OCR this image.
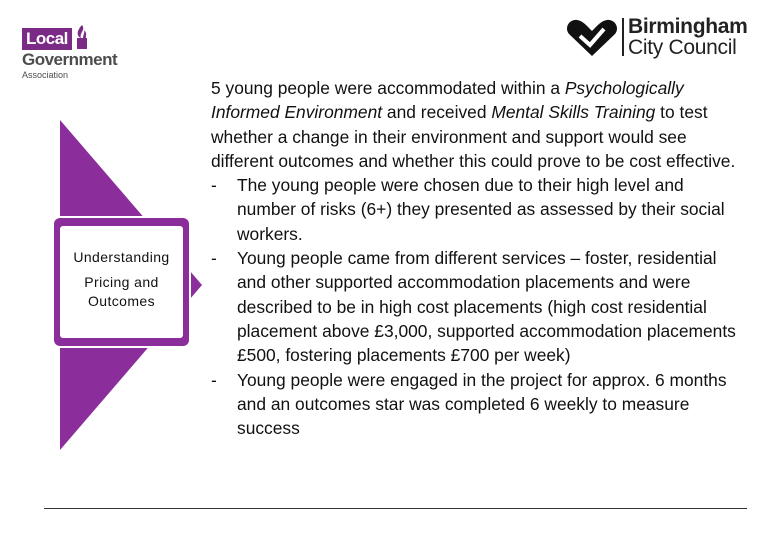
Local
Government
Association
Birmingham
City Council
Understanding
Pricing and Outcomes

5 young people were accommodated within a Psychologically Informed Environment and received Mental Skills Training to test whether a change in their environment and support would see different outcomes and whether this could prove to be cost effective.

-	The young people were chosen due to their high level and number of risks (6+) they presented as assessed by their social workers.
-	Young people came from different services – foster, residential and other supported accommodation placements and were described to be in high cost placements (high cost residential placement above £3,000, supported accommodation placements £500, fostering placements £700 per week)
-	Young people were engaged in the project for approx. 6 months and an outcomes star was completed 6 weekly to measure success
